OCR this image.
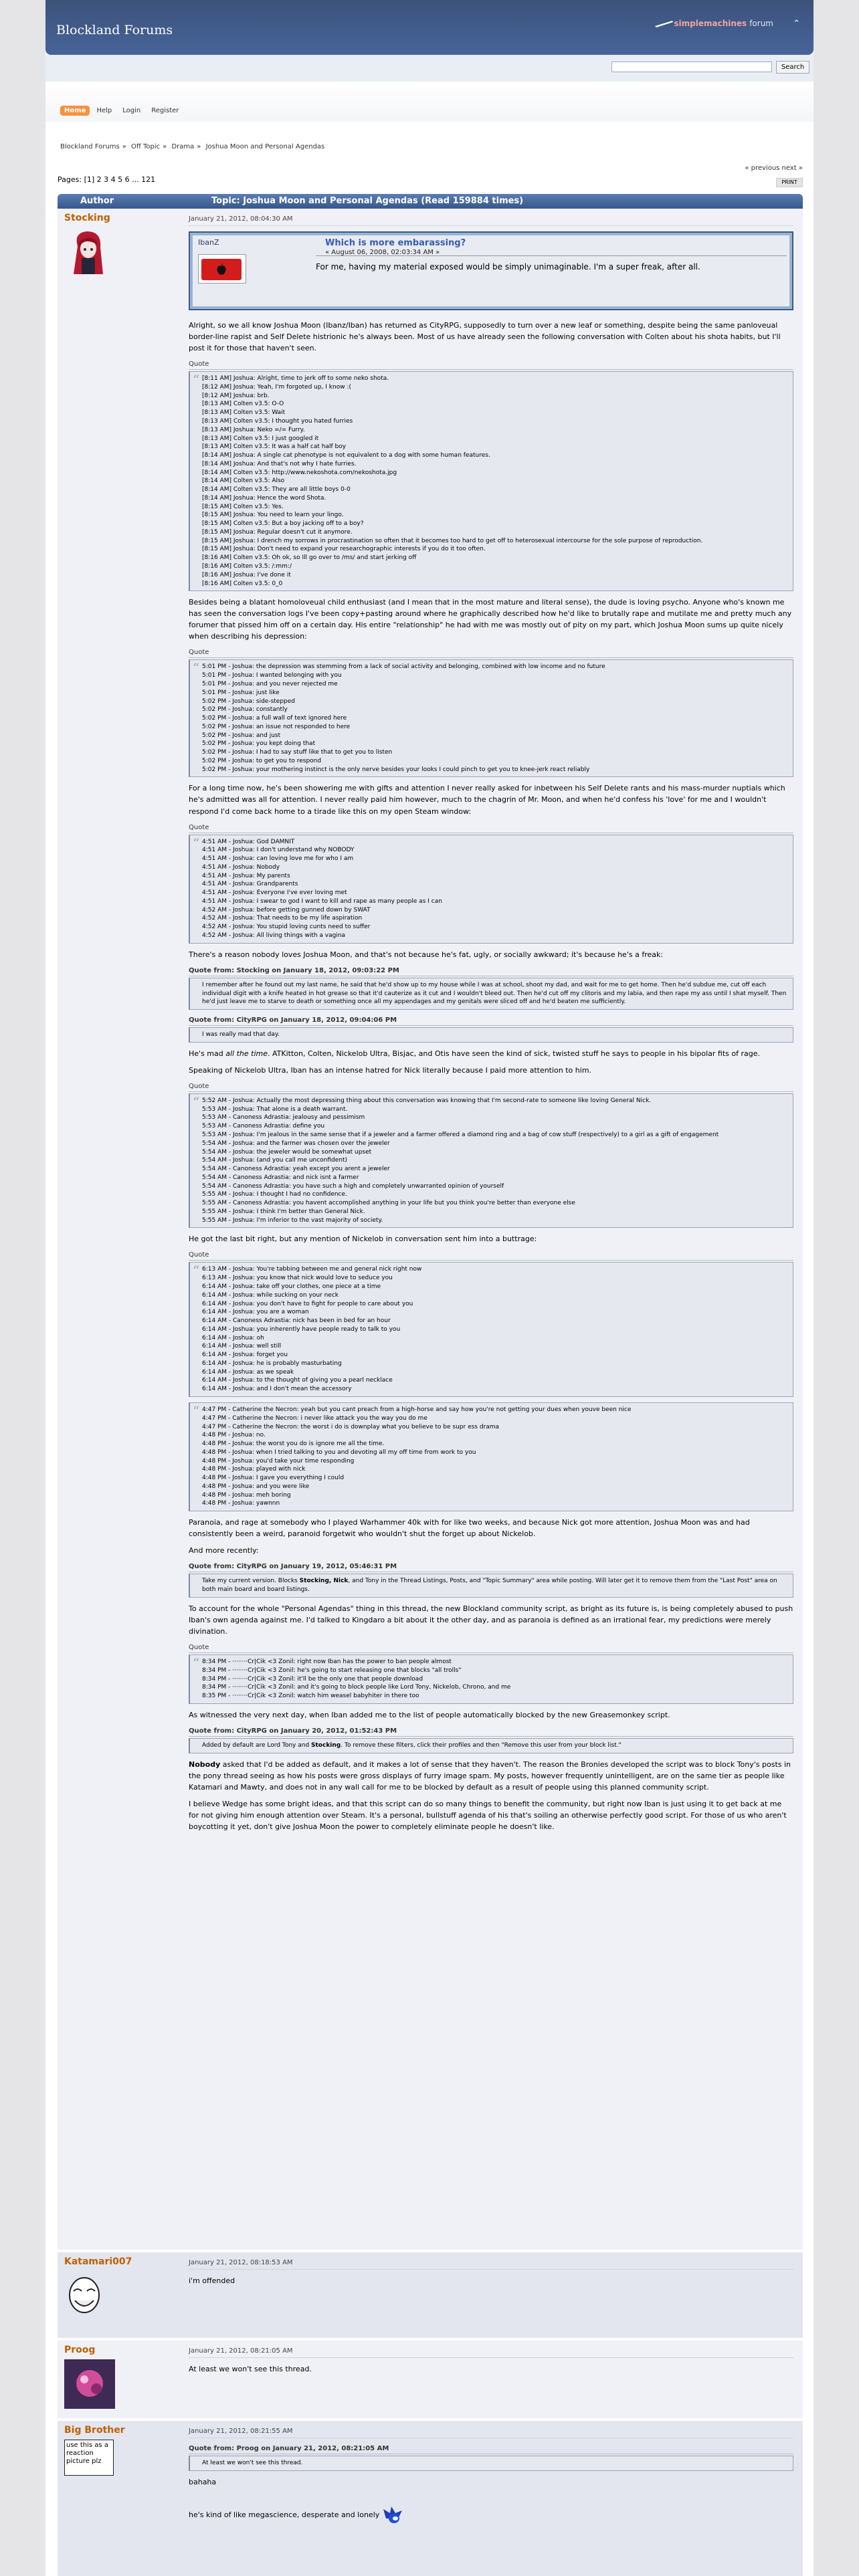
Blockland Forums	simplemachines forum ⌃
Search
Home	Help	Login	Register
Blockland Forums » Off Topic » Drama » Joshua Moon and Personal Agendas
« previous next »
Pages: [1] 2 3 4 5 6 ... 121	PRINT
Author	Topic: Joshua Moon and Personal Agendas (Read 159884 times)
Stocking	January 21, 2012, 08:04:30 AM
IbanZ	Which is more embarassing?
« August 06, 2008, 02:03:34 AM »
For me, having my material exposed would be simply unimaginable. I'm a super freak, after all.
Alright, so we all know Joshua Moon (Ibanz/Iban) has returned as CityRPG, supposedly to turn over a new leaf or something, despite being the same panloveual border-line rapist and Self Delete histrionic he's always been. Most of us have already seen the following conversation with Colten about his shota habits, but I'll post it for those that haven't seen.
Quote
“ [8:11 AM] Joshua: Alright, time to jerk off to some neko shota.
[8:12 AM] Joshua: Yeah, I'm forgoted up, I know :(
[8:12 AM] Joshua: brb.
[8:13 AM] Colten v3.5: O-O
[8:13 AM] Colten v3.5: Wait
[8:13 AM] Colten v3.5: I thought you hated furries
[8:13 AM] Joshua: Neko =/= Furry.
[8:13 AM] Colten v3.5: I just googled it
[8:13 AM] Colten v3.5: It was a half cat half boy
[8:14 AM] Joshua: A single cat phenotype is not equivalent to a dog with some human features.
[8:14 AM] Joshua: And that's not why I hate furries.
[8:14 AM] Colten v3.5: http://www.nekoshota.com/nekoshota.jpg
[8:14 AM] Colten v3.5: Also
[8:14 AM] Colten v3.5: They are all little boys 0-0
[8:14 AM] Joshua: Hence the word Shota.
[8:15 AM] Colten v3.5: Yes.
[8:15 AM] Joshua: You need to learn your lingo.
[8:15 AM] Colten v3.5: But a boy jacking off to a boy?
[8:15 AM] Joshua: Regular doesn't cut it anymore.
[8:15 AM] Joshua: I drench my sorrows in procrastination so often that it becomes too hard to get off to heterosexual intercourse for the sole purpose of reproduction.
[8:15 AM] Joshua: Don't need to expand your researchographic interests if you do it too often.
[8:16 AM] Colten v3.5: Oh ok, so Ill go over to /ms/ and start jerking off
[8:16 AM] Colten v3.5: /:mm:/
[8:16 AM] Joshua: I've done it
[8:16 AM] Colten v3.5: 0_0
Besides being a blatant homoloveual child enthusiast (and I mean that in the most mature and literal sense), the dude is loving psycho. Anyone who's known me has seen the conversation logs I've been copy+pasting around where he graphically described how he'd like to brutally rape and mutilate me and pretty much any forumer that pissed him off on a certain day. His entire "relationship" he had with me was mostly out of pity on my part, which Joshua Moon sums up quite nicely when describing his depression:
Quote
“ 5:01 PM - Joshua: the depression was stemming from a lack of social activity and belonging, combined with low income and no future
5:01 PM - Joshua: I wanted belonging with you
5:01 PM - Joshua: and you never rejected me
5:01 PM - Joshua: just like
5:02 PM - Joshua: side-stepped
5:02 PM - Joshua: constantly
5:02 PM - Joshua: a full wall of text ignored here
5:02 PM - Joshua: an issue not responded to here
5:02 PM - Joshua: and just
5:02 PM - Joshua: you kept doing that
5:02 PM - Joshua: I had to say stuff like that to get you to listen
5:02 PM - Joshua: to get you to respond
5:02 PM - Joshua: your mothering instinct is the only nerve besides your looks I could pinch to get you to knee-jerk react reliably
For a long time now, he's been showering me with gifts and attention I never really asked for inbetween his Self Delete rants and his mass-murder nuptials which he's admitted was all for attention. I never really paid him however, much to the chagrin of Mr. Moon, and when he'd confess his 'love' for me and I wouldn't respond I'd come back home to a tirade like this on my open Steam window:
Quote
“ 4:51 AM - Joshua: God DAMNIT
4:51 AM - Joshua: I don't understand why NOBODY
4:51 AM - Joshua: can loving love me for who I am
4:51 AM - Joshua: Nobody
4:51 AM - Joshua: My parents
4:51 AM - Joshua: Grandparents
4:51 AM - Joshua: Everyone I've ever loving met
4:51 AM - Joshua: I swear to god I want to kill and rape as many people as I can
4:52 AM - Joshua: before getting gunned down by SWAT
4:52 AM - Joshua: That needs to be my life aspiration
4:52 AM - Joshua: You stupid loving cunts need to suffer
4:52 AM - Joshua: All living things with a vagina
There's a reason nobody loves Joshua Moon, and that's not because he's fat, ugly, or socially awkward; it's because he's a freak:
Quote from: Stocking on January 18, 2012, 09:03:22 PM
I remember after he found out my last name, he said that he'd show up to my house while I was at school, shoot my dad, and wait for me to get home. Then he'd subdue me, cut off each individual digit with a knife heated in hot grease so that it'd cauterize as it cut and I wouldn't bleed out. Then he'd cut off my clitoris and my labia, and then rape my ass until I shat myself. Then he'd just leave me to starve to death or something once all my appendages and my genitals were sliced off and he'd beaten me sufficiently.
Quote from: CityRPG on January 18, 2012, 09:04:06 PM
I was really mad that day.
He's mad all the time. ATKitton, Colten, Nickelob Ultra, Bisjac, and Otis have seen the kind of sick, twisted stuff he says to people in his bipolar fits of rage.
Speaking of Nickelob Ultra, Iban has an intense hatred for Nick literally because I paid more attention to him.
Quote
“ 5:52 AM - Joshua: Actually the most depressing thing about this conversation was knowing that I'm second-rate to someone like loving General Nick.
5:53 AM - Joshua: That alone is a death warrant.
5:53 AM - Canoness Adrastia: jealousy and pessimism
5:53 AM - Canoness Adrastia: define you
5:53 AM - Joshua: I'm jealous in the same sense that if a jeweler and a farmer offered a diamond ring and a bag of cow stuff (respectively) to a girl as a gift of engagement
5:54 AM - Joshua: and the farmer was chosen over the jeweler
5:54 AM - Joshua: the jeweler would be somewhat upset
5:54 AM - Joshua: (and you call me unconfident)
5:54 AM - Canoness Adrastia: yeah except you arent a jeweler
5:54 AM - Canoness Adrastia: and nick isnt a farmer
5:54 AM - Canoness Adrastia: you have such a high and completely unwarranted opinion of yourself
5:55 AM - Joshua: I thought I had no confidence.
5:55 AM - Canoness Adrastia: you havent accomplished anything in your life but you think you're better than everyone else
5:55 AM - Joshua: I think I'm better than General Nick.
5:55 AM - Joshua: I'm inferior to the vast majority of society.
He got the last bit right, but any mention of Nickelob in conversation sent him into a buttrage:
Quote
“ 6:13 AM - Joshua: You're tabbing between me and general nick right now
6:13 AM - Joshua: you know that nick would love to seduce you
6:14 AM - Joshua: take off your clothes, one piece at a time
6:14 AM - Joshua: while sucking on your neck
6:14 AM - Joshua: you don't have to fight for people to care about you
6:14 AM - Joshua: you are a woman
6:14 AM - Canoness Adrastia: nick has been in bed for an hour
6:14 AM - Joshua: you inherently have people ready to talk to you
6:14 AM - Joshua: oh
6:14 AM - Joshua: well still
6:14 AM - Joshua: forget you
6:14 AM - Joshua: he is probably masturbating
6:14 AM - Joshua: as we speak
6:14 AM - Joshua: to the thought of giving you a pearl necklace
6:14 AM - Joshua: and I don't mean the accessory
“ 4:47 PM - Catherine the Necron: yeah but you cant preach from a high-horse and say how you're not getting your dues when youve been nice
4:47 PM - Catherine the Necron: i never like attack you the way you do me
4:47 PM - Catherine the Necron: the worst i do is downplay what you believe to be supr ess drama
4:48 PM - Joshua: no.
4:48 PM - Joshua: the worst you do is ignore me all the time.
4:48 PM - Joshua: when I tried talking to you and devoting all my off time from work to you
4:48 PM - Joshua: you'd take your time responding
4:48 PM - Joshua: played with nick
4:48 PM - Joshua: I gave you everything I could
4:48 PM - Joshua: and you were like
4:48 PM - Joshua: meh boring
4:48 PM - Joshua: yawnnn
Paranoia, and rage at somebody who I played Warhammer 40k with for like two weeks, and because Nick got more attention, Joshua Moon was and had consistently been a weird, paranoid forgetwit who wouldn't shut the forget up about Nickelob.
And more recently:
Quote from: CityRPG on January 19, 2012, 05:46:31 PM
Take my current version. Blocks Stocking, Nick, and Tony in the Thread Listings, Posts, and "Topic Summary" area while posting. Will later get it to remove them from the "Last Post" area on both main board and board listings.
To account for the whole "Personal Agendas" thing in this thread, the new Blockland community script, as bright as its future is, is being completely abused to push Iban's own agenda against me. I'd talked to Kingdaro a bit about it the other day, and as paranoia is defined as an irrational fear, my predictions were merely divination.
Quote
“ 8:34 PM - ········Cr|Cik <3 Zonil: right now Iban has the power to ban people almost
8:34 PM - ········Cr|Cik <3 Zonil: he's going to start releasing one that blocks "all trolls"
8:34 PM - ········Cr|Cik <3 Zonil: it'll be the only one that people download
8:34 PM - ········Cr|Cik <3 Zonil: and it's going to block people like Lord Tony, Nickelob, Chrono, and me
8:35 PM - ········Cr|Cik <3 Zonil: watch him weasel babyhiter in there too
As witnessed the very next day, when Iban added me to the list of people automatically blocked by the new Greasemonkey script.
Quote from: CityRPG on January 20, 2012, 01:52:43 PM
Added by default are Lord Tony and Stocking. To remove these filters, click their profiles and then "Remove this user from your block list."
Nobody asked that I'd be added as default, and it makes a lot of sense that they haven't. The reason the Bronies developed the script was to block Tony's posts in the pony thread seeing as how his posts were gross displays of furry image spam. My posts, however frequently unintelligent, are on the same tier as people like Katamari and Mawty, and does not in any wall call for me to be blocked by default as a result of people using this planned community script.
I believe Wedge has some bright ideas, and that this script can do so many things to benefit the community, but right now Iban is just using it to get back at me for not giving him enough attention over Steam. It's a personal, bullstuff agenda of his that's soiling an otherwise perfectly good script. For those of us who aren't boycotting it yet, don't give Joshua Moon the power to completely eliminate people he doesn't like.
Katamari007	January 21, 2012, 08:18:53 AM
i'm offended
Proog	January 21, 2012, 08:21:05 AM
At least we won't see this thread.
Big Brother
use this as a reaction picture plz
January 21, 2012, 08:21:55 AM
Quote from: Proog on January 21, 2012, 08:21:05 AM
At least we won't see this thread.
bahaha
he's kind of like megascience, desperate and lonely
